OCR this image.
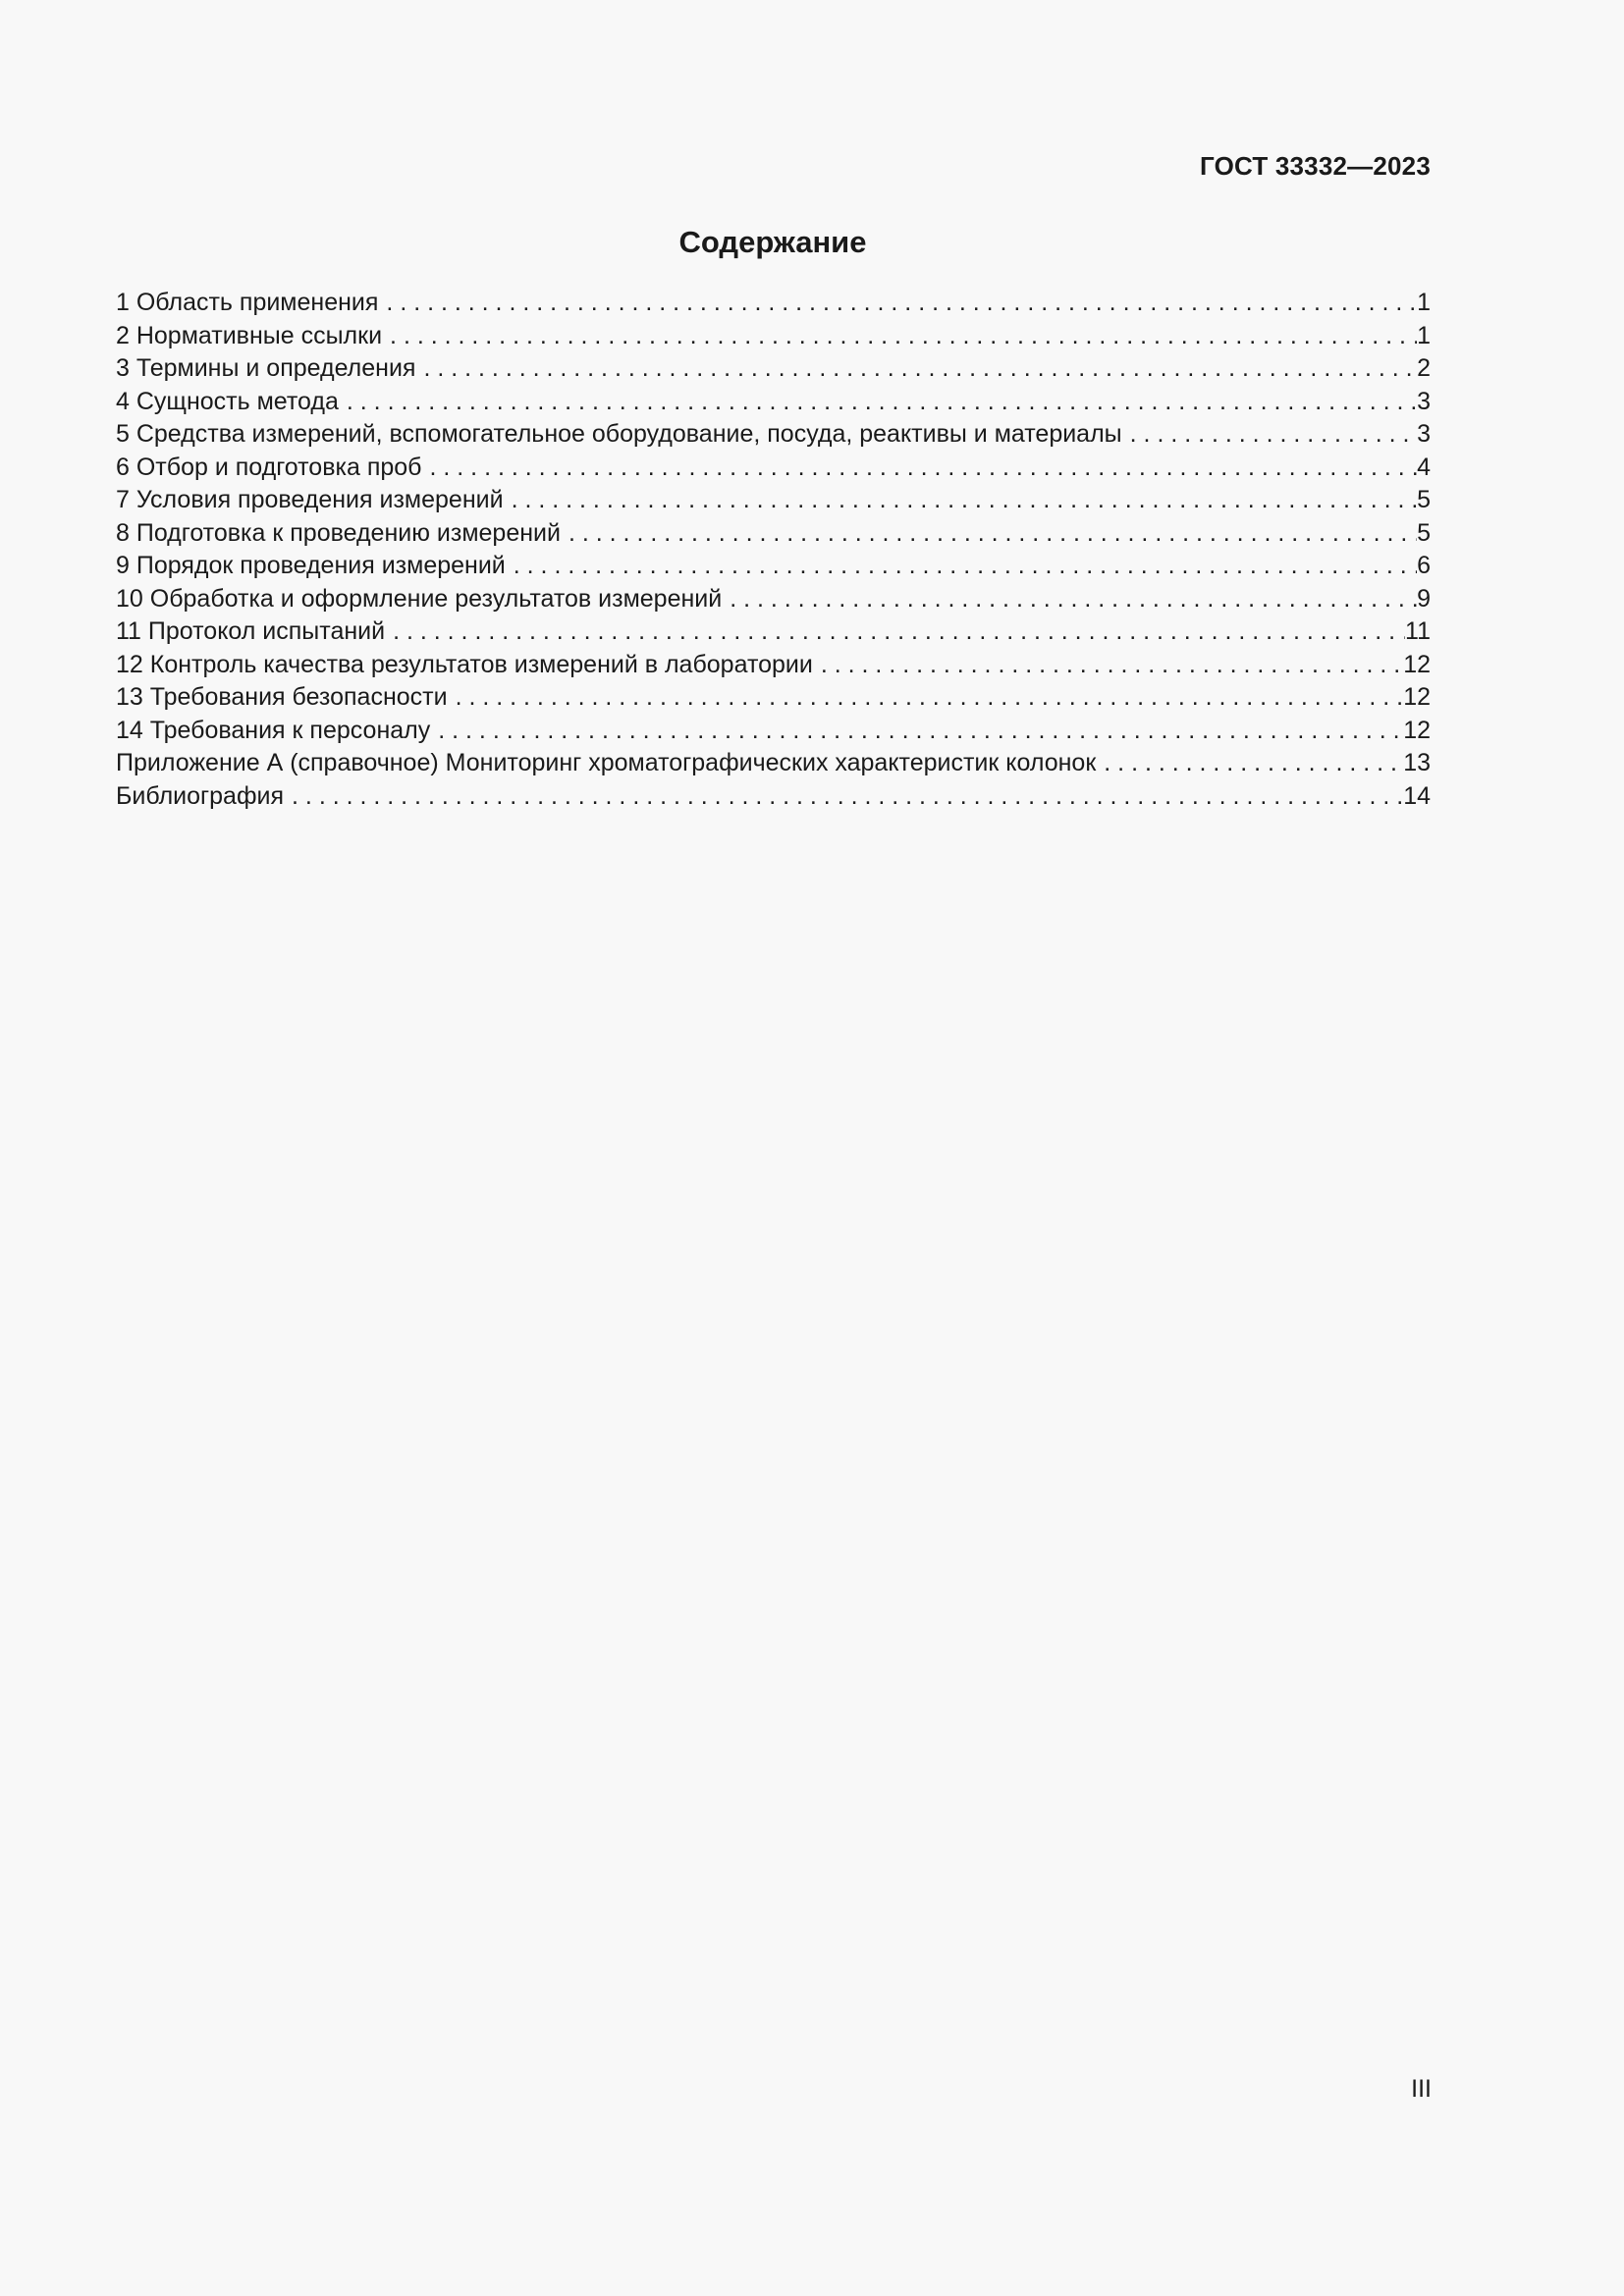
ГОСТ 33332—2023
Содержание
1 Область применения . . .	1
2 Нормативные ссылки . . .	1
3 Термины и определения . . .	2
4 Сущность метода . . .	3
5 Средства измерений, вспомогательное оборудование, посуда, реактивы и материалы . . .	3
6 Отбор и подготовка проб . . .	4
7 Условия проведения измерений . . .	5
8 Подготовка к проведению измерений . . .	5
9 Порядок проведения измерений . . .	6
10 Обработка и оформление результатов измерений . . .	9
11 Протокол испытаний . . .	11
12 Контроль качества результатов измерений в лаборатории . . .	12
13 Требования безопасности . . .	12
14 Требования к персоналу . . .	12
Приложение А (справочное) Мониторинг хроматографических характеристик колонок . . .	13
Библиография . . .	14
III
